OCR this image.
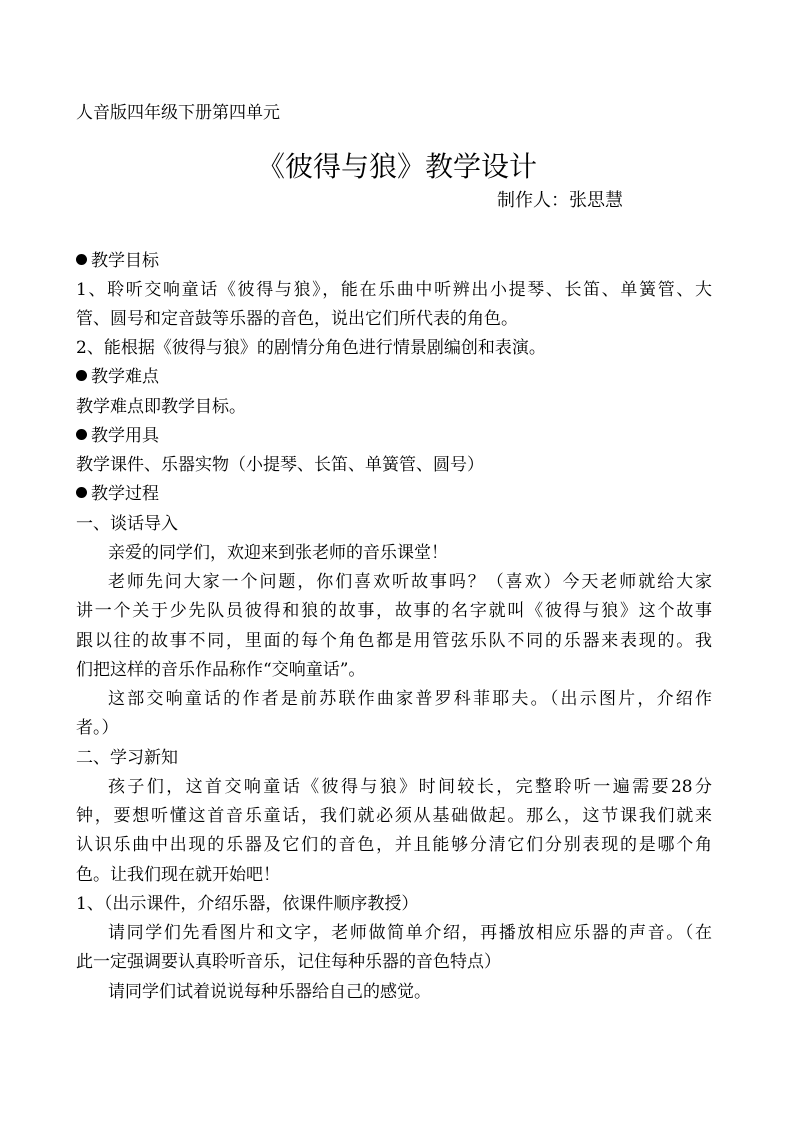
人音版四年级下册第四单元
《彼得与狼》教学设计
制作人：张思慧
教学目标
1、聆听交响童话《彼得与狼》，能在乐曲中听辨出小提琴、长笛、单簧管、大
管、圆号和定音鼓等乐器的音色，说出它们所代表的角色。
2、能根据《彼得与狼》的剧情分角色进行情景剧编创和表演。
教学难点
教学难点即教学目标。
教学用具
教学课件、乐器实物（小提琴、长笛、单簧管、圆号）
教学过程
一、谈话导入
亲爱的同学们，欢迎来到张老师的音乐课堂！
老师先问大家一个问题，你们喜欢听故事吗？（喜欢）今天老师就给大家
讲一个关于少先队员彼得和狼的故事，故事的名字就叫《彼得与狼》这个故事
跟以往的故事不同，里面的每个角色都是用管弦乐队不同的乐器来表现的。我
们把这样的音乐作品称作“交响童话”。
这部交响童话的作者是前苏联作曲家普罗科菲耶夫。（出示图片，介绍作
者。）
二、学习新知
孩子们，这首交响童话《彼得与狼》时间较长，完整聆听一遍需要28分
钟，要想听懂这首音乐童话，我们就必须从基础做起。那么，这节课我们就来
认识乐曲中出现的乐器及它们的音色，并且能够分清它们分别表现的是哪个角
色。让我们现在就开始吧！
1、（出示课件，介绍乐器，依课件顺序教授）
请同学们先看图片和文字，老师做简单介绍，再播放相应乐器的声音。（在
此一定强调要认真聆听音乐，记住每种乐器的音色特点）
请同学们试着说说每种乐器给自己的感觉。
